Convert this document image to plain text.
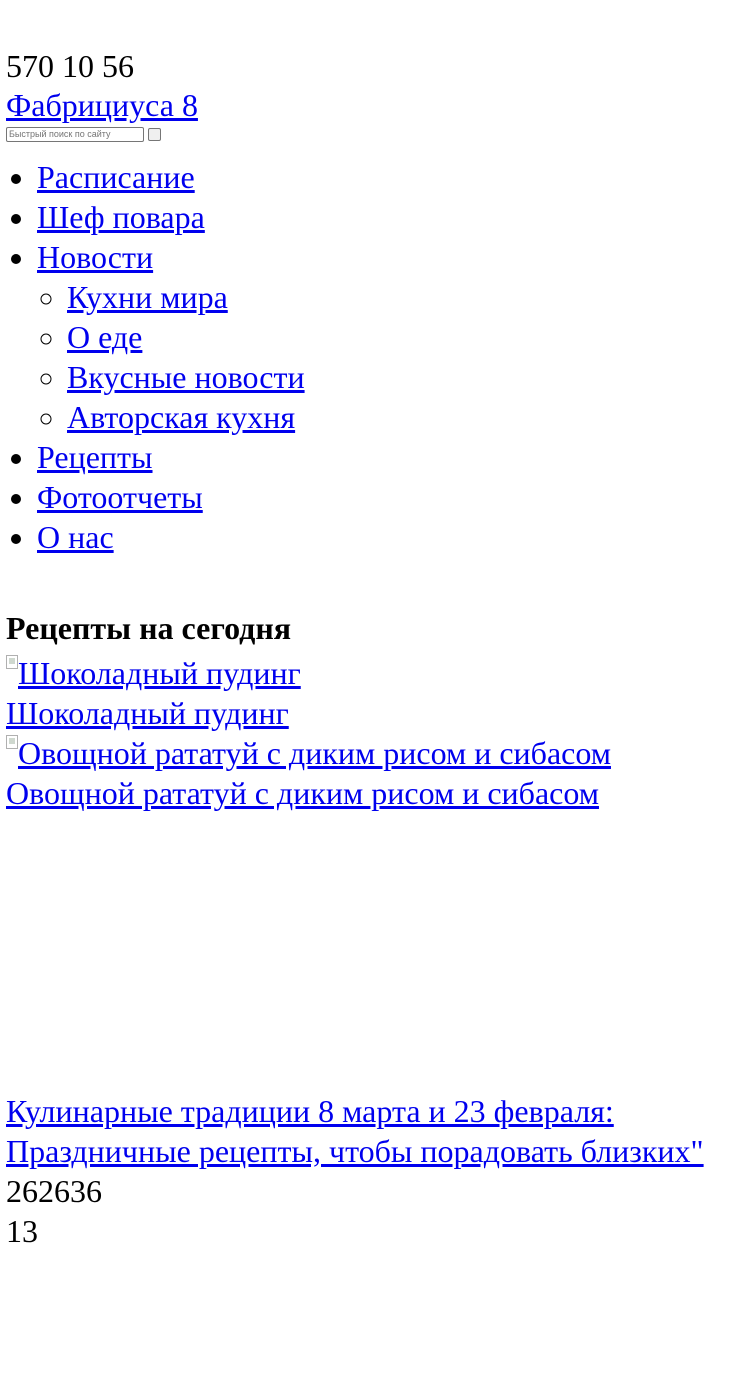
570 10 56
Фабрициуса 8
Быстрый поиск по сайту
• Расписание
• Шеф повара
• Новости
◦ Кухни мира
◦ О еде
◦ Вкусные новости
◦ Авторская кухня
• Рецепты
• Фотоотчеты
• О нас
Рецепты на сегодня
Шоколадный пудинг
Шоколадный пудинг
Овощной рататуй с диким рисом и сибасом
Овощной рататуй с диким рисом и сибасом
Кулинарные традиции 8 марта и 23 февраля: Праздничные рецепты, чтобы порадовать близких"
262636
13
